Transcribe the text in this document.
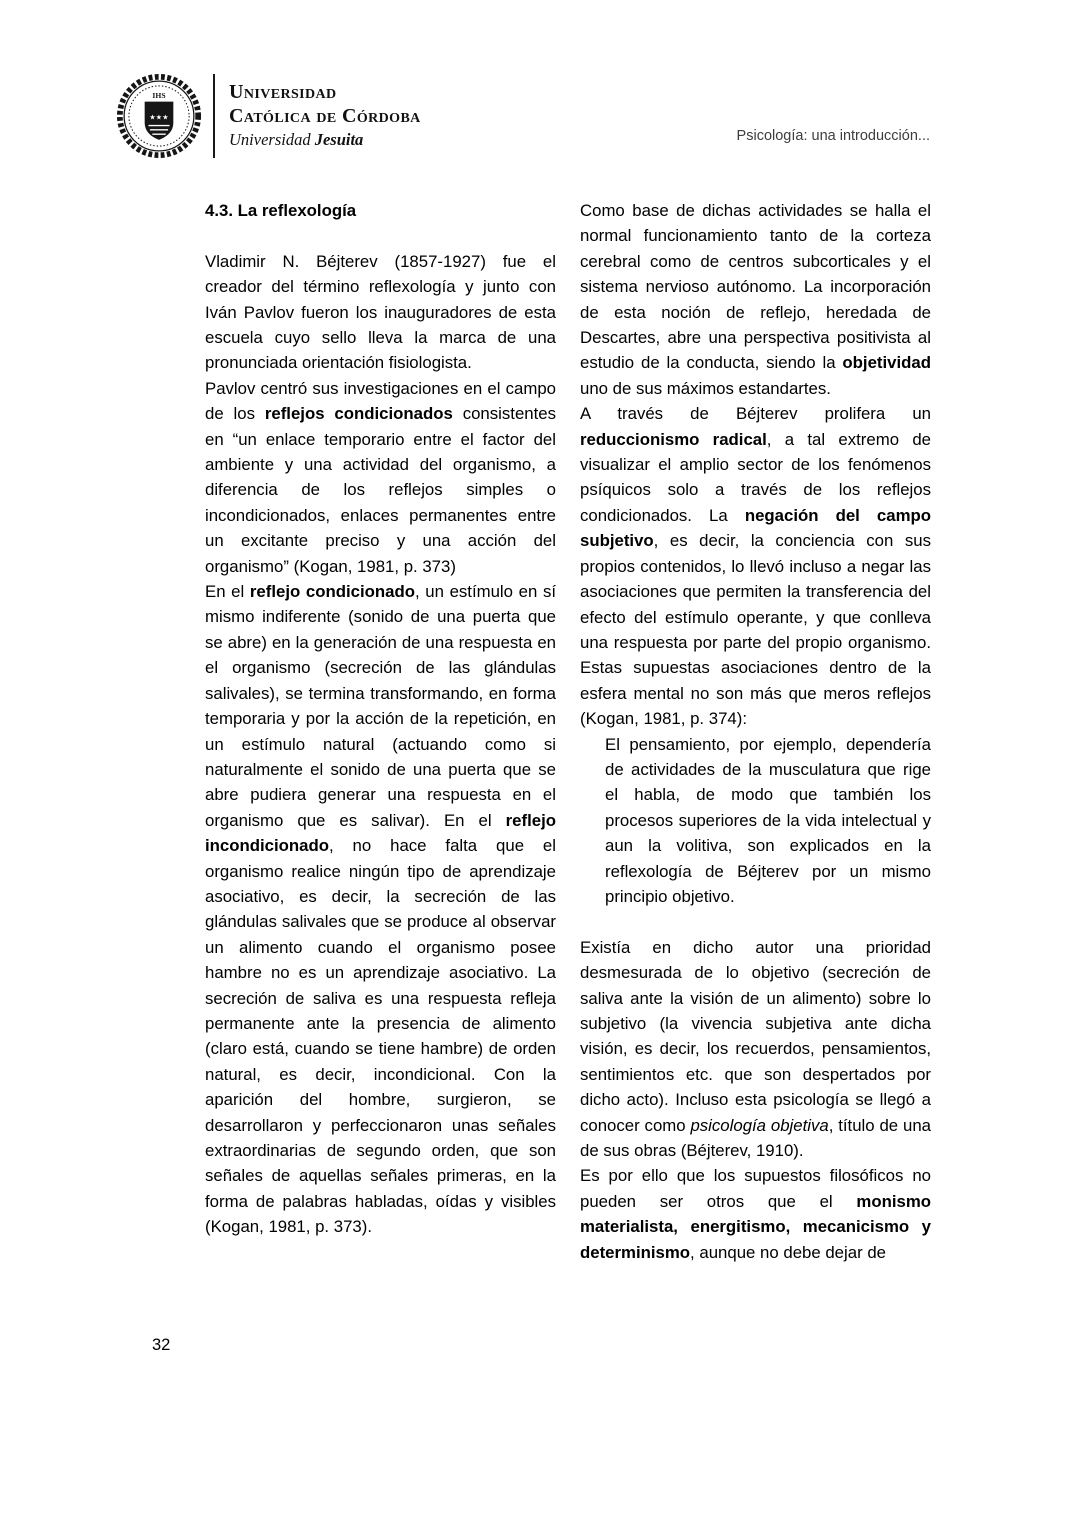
IHS
★★★
Universidad
Católica de Córdoba
Universidad Jesuita	Psicología: una introducción...
4.3. La reflexología

Vladimir N. Béjterev (1857-1927) fue el creador del término reflexología y junto con Iván Pavlov fueron los inauguradores de esta escuela cuyo sello lleva la marca de una pronunciada orientación fisiologista.

Pavlov centró sus investigaciones en el campo de los reflejos condicionados consistentes en “un enlace temporario entre el factor del ambiente y una actividad del organismo, a diferencia de los reflejos simples o incondicionados, enlaces permanentes entre un excitante preciso y una acción del organismo” (Kogan, 1981, p. 373)

En el reflejo condicionado, un estímulo en sí mismo indiferente (sonido de una puerta que se abre) en la generación de una respuesta en el organismo (secreción de las glándulas salivales), se termina transformando, en forma temporaria y por la acción de la repetición, en un estímulo natural (actuando como si naturalmente el sonido de una puerta que se abre pudiera generar una respuesta en el organismo que es salivar). En el reflejo incondicionado, no hace falta que el organismo realice ningún tipo de aprendizaje asociativo, es decir, la secreción de las glándulas salivales que se produce al observar un alimento cuando el organismo posee hambre no es un aprendizaje asociativo. La secreción de saliva es una respuesta refleja permanente ante la presencia de alimento (claro está, cuando se tiene hambre) de orden natural, es decir, incondicional. Con la aparición del hombre, surgieron, se desarrollaron y perfeccionaron unas señales extraordinarias de segundo orden, que son señales de aquellas señales primeras, en la forma de palabras habladas, oídas y visibles (Kogan, 1981, p. 373).

Como base de dichas actividades se halla el normal funcionamiento tanto de la corteza cerebral como de centros subcorticales y el sistema nervioso autónomo. La incorporación de esta noción de reflejo, heredada de Descartes, abre una perspectiva positivista al estudio de la conducta, siendo la objetividad uno de sus máximos estandartes.

A través de Béjterev prolifera un reduccionismo radical, a tal extremo de visualizar el amplio sector de los fenómenos psíquicos solo a través de los reflejos condicionados. La negación del campo subjetivo, es decir, la conciencia con sus propios contenidos, lo llevó incluso a negar las asociaciones que permiten la transferencia del efecto del estímulo operante, y que conlleva una respuesta por parte del propio organismo. Estas supuestas asociaciones dentro de la esfera mental no son más que meros reflejos (Kogan, 1981, p. 374):

El pensamiento, por ejemplo, dependería de actividades de la musculatura que rige el habla, de modo que también los procesos superiores de la vida intelectual y aun la volitiva, son explicados en la reflexología de Béjterev por un mismo principio objetivo.

Existía en dicho autor una prioridad desmesurada de lo objetivo (secreción de saliva ante la visión de un alimento) sobre lo subjetivo (la vivencia subjetiva ante dicha visión, es decir, los recuerdos, pensamientos, sentimientos etc. que son despertados por dicho acto). Incluso esta psicología se llegó a conocer como psicología objetiva, título de una de sus obras (Béjterev, 1910).

Es por ello que los supuestos filosóficos no pueden ser otros que el monismo materialista, energitismo, mecanicismo y determinismo, aunque no debe dejar de

32
